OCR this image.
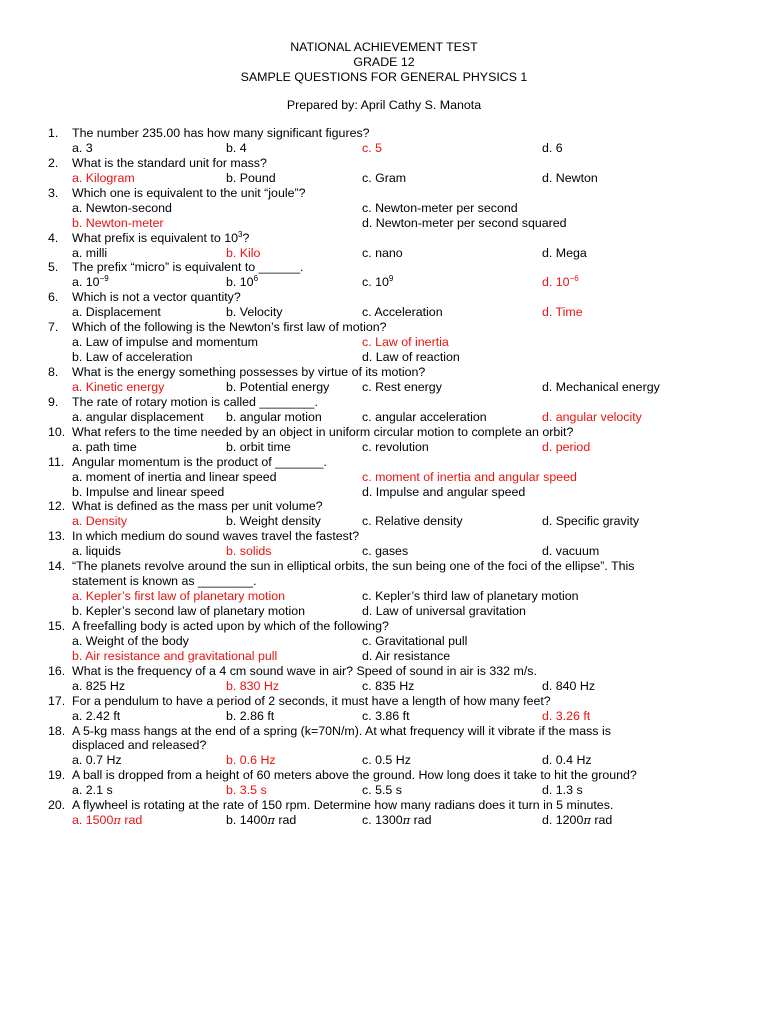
NATIONAL ACHIEVEMENT TEST
GRADE 12
SAMPLE QUESTIONS FOR GENERAL PHYSICS 1
Prepared by: April Cathy S. Manota
1.	The number 235.00 has how many significant figures?
a. 3	b. 4	c. 5	d. 6
2.	What is the standard unit for mass?
a. Kilogram	b. Pound	c. Gram	d. Newton
3.	Which one is equivalent to the unit “joule”?
a. Newton-second	c. Newton-meter per second
b. Newton-meter	d. Newton-meter per second squared
4.	What prefix is equivalent to $10^3$?
a. milli	b. Kilo	c. nano	d. Mega
5.	The prefix “micro” is equivalent to ______.
a. $10^{-9}$	b. $10^6$	c. $10^9$	d. $10^{-6}$
6.	Which is not a vector quantity?
a. Displacement	b. Velocity	c. Acceleration	d. Time
7.	Which of the following is the Newton’s first law of motion?
a. Law of impulse and momentum	c. Law of inertia
b. Law of acceleration	d. Law of reaction
8.	What is the energy something possesses by virtue of its motion?
a. Kinetic energy	b. Potential energy	c. Rest energy	d. Mechanical energy
9.	The rate of rotary motion is called ________.
a. angular displacement b. angular motion	c. angular acceleration	d. angular velocity
10. What refers to the time needed by an object in uniform circular motion to complete an orbit?
a. path time	b. orbit time	c. revolution	d. period
11. Angular momentum is the product of _______.
a. moment of inertia and linear speed	c. moment of inertia and angular speed
b. Impulse and linear speed	d. Impulse and angular speed
12. What is defined as the mass per unit volume?
a. Density	b. Weight density	c. Relative density	d. Specific gravity
13. In which medium do sound waves travel the fastest?
a. liquids	b. solids	c. gases	d. vacuum
14. “The planets revolve around the sun in elliptical orbits, the sun being one of the foci of the ellipse”. This
statement is known as ________.
a. Kepler’s first law of planetary motion	c. Kepler’s third law of planetary motion
b. Kepler’s second law of planetary motion	d. Law of universal gravitation
15. A freefalling body is acted upon by which of the following?
a. Weight of the body	c. Gravitational pull
b. Air resistance and gravitational pull	d. Air resistance
16. What is the frequency of a 4 cm sound wave in air? Speed of sound in air is 332 m/s.
a. 825 Hz	b. 830 Hz	c. 835 Hz	d. 840 Hz
17. For a pendulum to have a period of 2 seconds, it must have a length of how many feet?
a. 2.42 ft	b. 2.86 ft	c. 3.86 ft	d. 3.26 ft
18. A 5-kg mass hangs at the end of a spring (k=70N/m). At what frequency will it vibrate if the mass is
displaced and released?
a. 0.7 Hz	b. 0.6 Hz	c. 0.5 Hz	d. 0.4 Hz
19. A ball is dropped from a height of 60 meters above the ground. How long does it take to hit the ground?
a. 2.1 s	b. 3.5 s	c. 5.5 s	d. 1.3 s
20. A flywheel is rotating at the rate of 150 rpm. Determine how many radians does it turn in 5 minutes.
a. 1500π rad	b. 1400π rad	c. 1300π rad	d. 1200π rad
